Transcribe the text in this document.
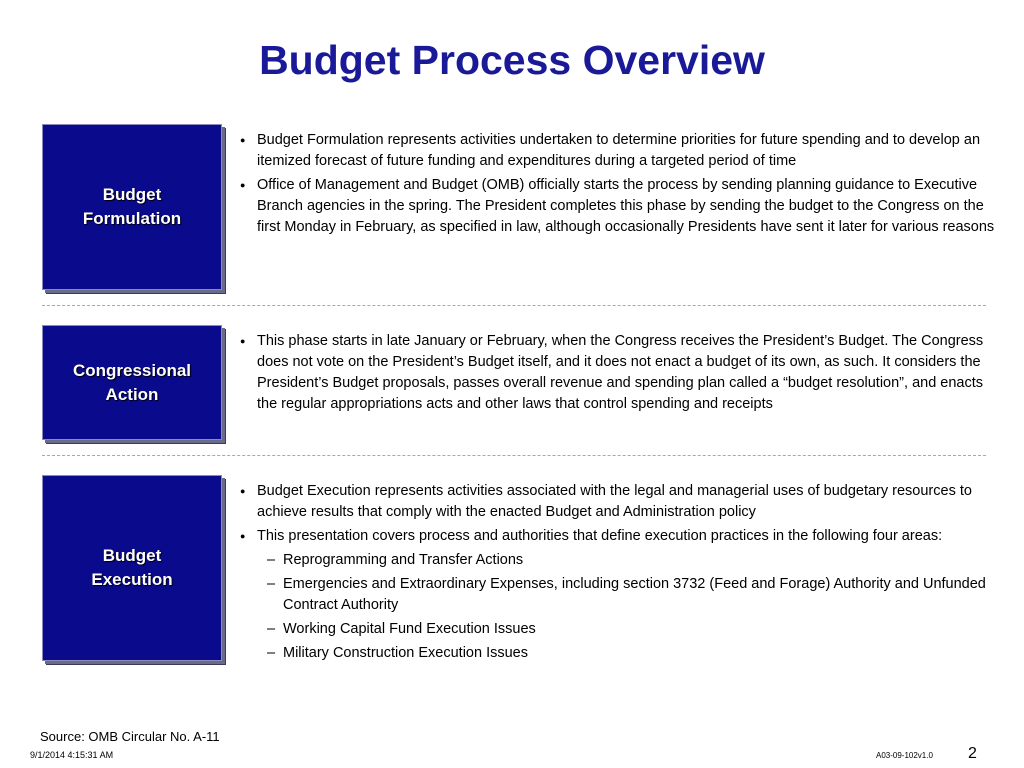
Budget Process Overview
Budget
Formulation
● Budget Formulation represents activities undertaken to determine priorities for future spending and to develop an itemized forecast of future funding and expenditures during a targeted period of time
● Office of Management and Budget (OMB) officially starts the process by sending planning guidance to Executive Branch agencies in the spring. The President completes this phase by sending the budget to the Congress on the first Monday in February, as specified in law, although occasionally Presidents have sent it later for various reasons
Congressional
Action
● This phase starts in late January or February, when the Congress receives the President’s Budget. The Congress does not vote on the President’s Budget itself, and it does not enact a budget of its own, as such. It considers the President’s Budget proposals, passes overall revenue and spending plan called a “budget resolution”, and enacts the regular appropriations acts and other laws that control spending and receipts
Budget
Execution
● Budget Execution represents activities associated with the legal and managerial uses of budgetary resources to achieve results that comply with the enacted Budget and Administration policy
● This presentation covers process and authorities that define execution practices in the following four areas:
– Reprogramming and Transfer Actions
– Emergencies and Extraordinary Expenses, including section 3732 (Feed and Forage) Authority and Unfunded Contract Authority
– Working Capital Fund Execution Issues
– Military Construction Execution Issues
Source: OMB Circular No. A-11
9/1/2014 4:15:31 AM	A03-09-102v1.0 2
